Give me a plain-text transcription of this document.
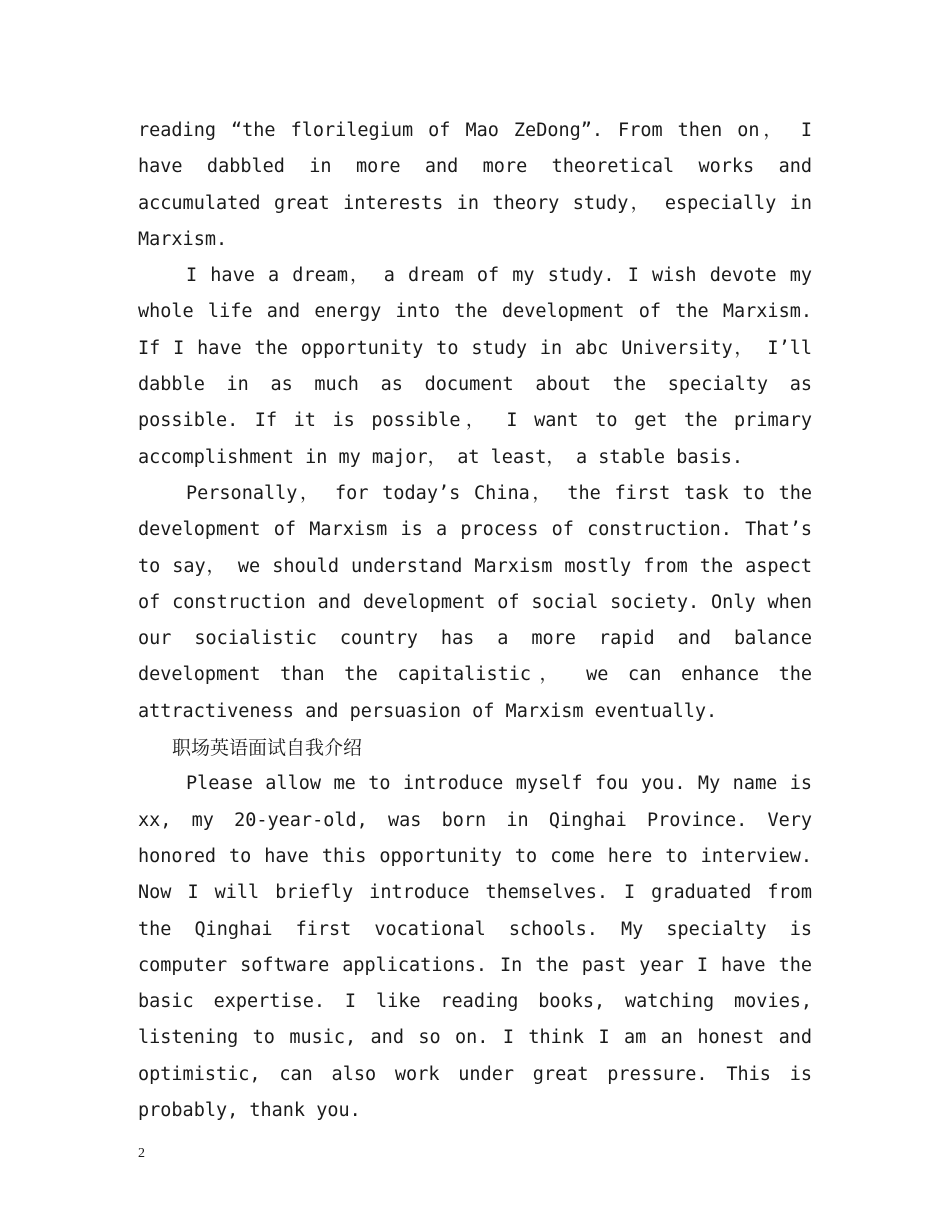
reading “the florilegium of Mao ZeDong”. From then on， I have dabbled in more and more theoretical works and accumulated great interests in theory study， especially in Marxism.

I have a dream， a dream of my study. I wish devote my whole life and energy into the development of the Marxism. If I have the opportunity to study in abc University， I’ll dabble in as much as document about the specialty as possible. If it is possible， I want to get the primary accomplishment in my major， at least， a stable basis.

Personally， for today’s China， the first task to the development of Marxism is a process of construction. That’s to say， we should understand Marxism mostly from the aspect of construction and development of social society. Only when our socialistic country has a more rapid and balance development than the capitalistic， we can enhance the attractiveness and persuasion of Marxism eventually.

职场英语面试自我介绍

Please allow me to introduce myself fou you. My name is xx, my 20-year-old, was born in Qinghai Province. Very honored to have this opportunity to come here to interview. Now I will briefly introduce themselves. I graduated from the Qinghai first vocational schools. My specialty is computer software applications. In the past year I have the basic expertise. I like reading books, watching movies, listening to music, and so on. I think I am an honest and optimistic, can also work under great pressure. This is probably, thank you.

2
